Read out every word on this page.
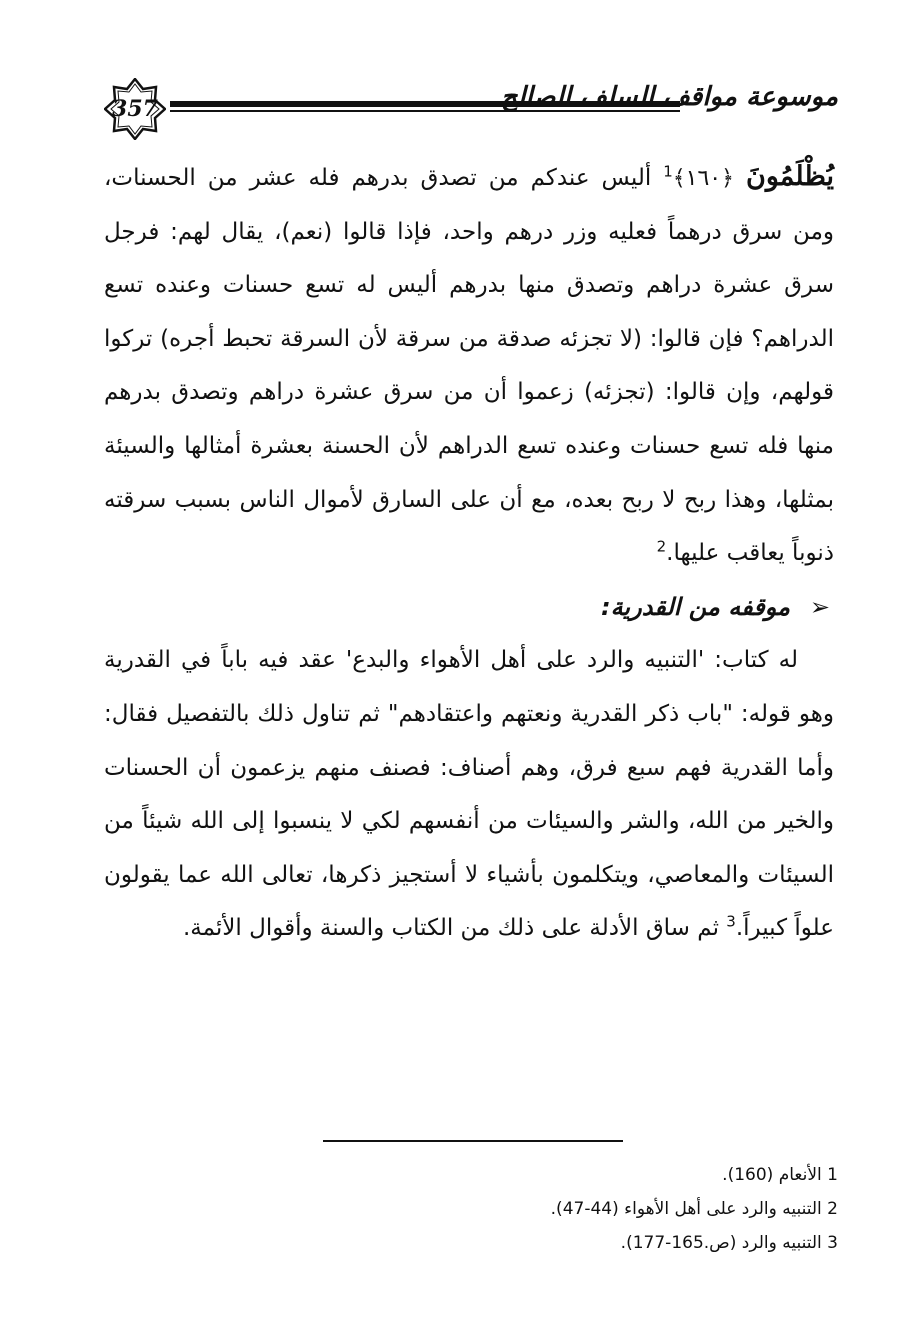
357	موسوعة مواقف السلف الصالح

يُظْلَمُونَ ﴿١٦٠﴾$^1$ أليس عندكم من تصدق بدرهم فله عشر من الحسنات، ومن سرق درهماً فعليه وزر درهم واحد، فإذا قالوا (نعم)، يقال لهم: فرجل سرق عشرة دراهم وتصدق منها بدرهم أليس له تسع حسنات وعنده تسع الدراهم؟ فإن قالوا: (لا تجزئه صدقة من سرقة لأن السرقة تحبط أجره) تركوا قولهم، وإن قالوا: (تجزئه) زعموا أن من سرق عشرة دراهم وتصدق بدرهم منها فله تسع حسنات وعنده تسع الدراهم لأن الحسنة بعشرة أمثالها والسيئة بمثلها، وهذا ربح لا ربح بعده، مع أن على السارق لأموال الناس بسبب سرقته ذنوباً يعاقب عليها.$^2$

➢
موقفه من القدرية:

له كتاب: 'التنبيه والرد على أهل الأهواء والبدع' عقد فيه باباً في القدرية وهو قوله: "باب ذكر القدرية ونعتهم واعتقادهم" ثم تناول ذلك بالتفصيل فقال: وأما القدرية فهم سبع فرق، وهم أصناف: فصنف منهم يزعمون أن الحسنات والخير من الله، والشر والسيئات من أنفسهم لكي لا ينسبوا إلى الله شيئاً من السيئات والمعاصي، ويتكلمون بأشياء لا أستجيز ذكرها، تعالى الله عما يقولون علواً كبيراً.$^3$ ثم ساق الأدلة على ذلك من الكتاب والسنة وأقوال الأئمة.

1 الأنعام (160).
2 التنبيه والرد على أهل الأهواء (44-47).
3 التنبيه والرد (ص.165-177).
